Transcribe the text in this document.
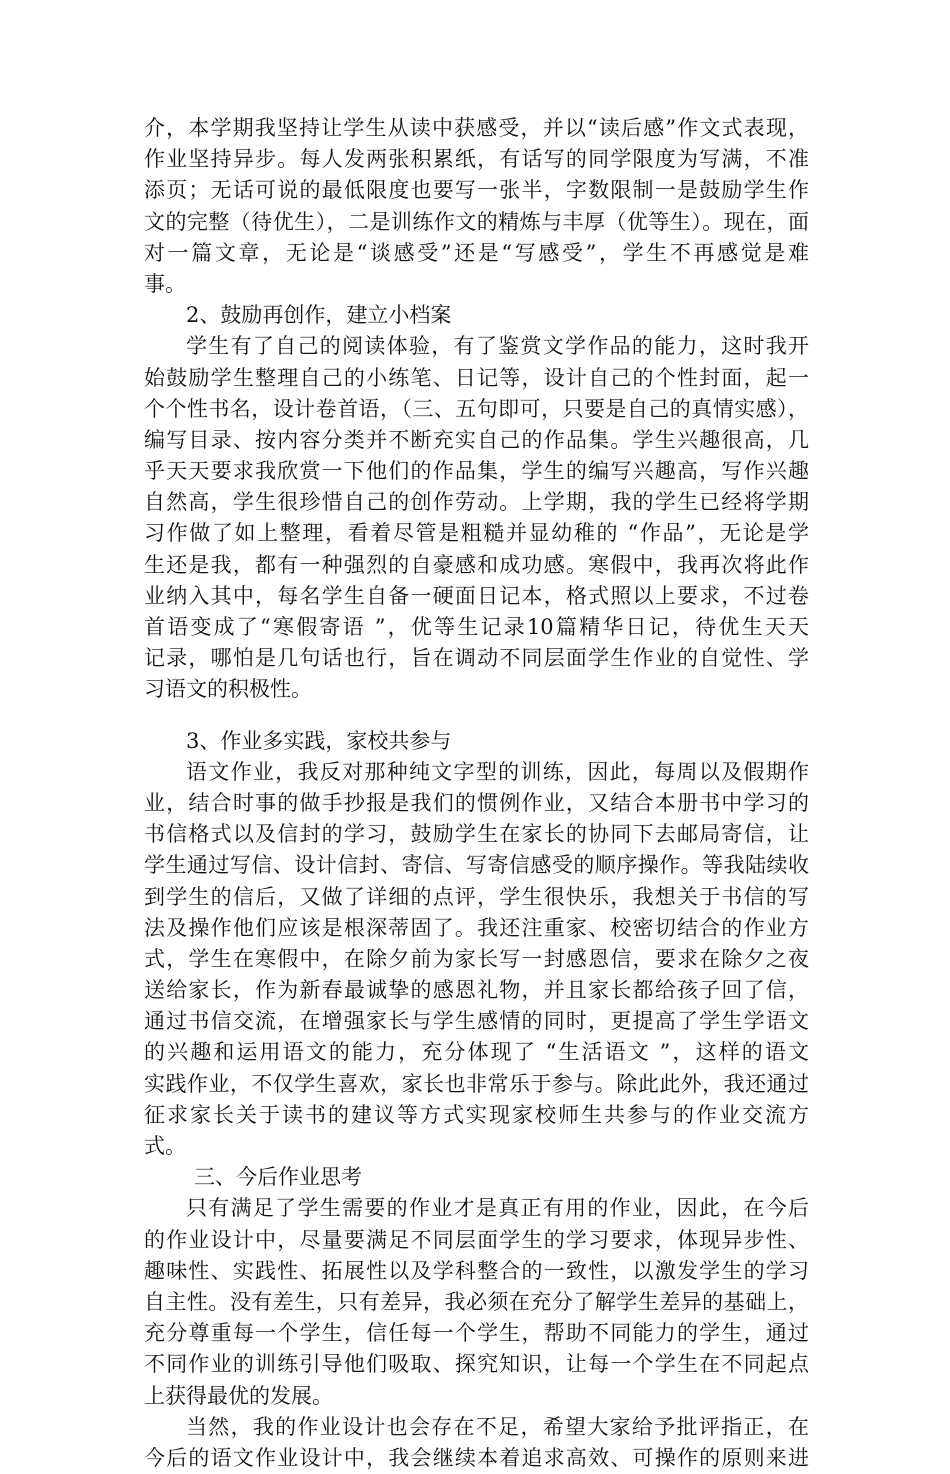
介，本学期我坚持让学生从读中获感受，并以“读后感”作文式表现，
作业坚持异步。每人发两张积累纸，有话写的同学限度为写满，不准
添页；无话可说的最低限度也要写一张半，字数限制一是鼓励学生作
文的完整（待优生），二是训练作文的精炼与丰厚（优等生）。现在，面
对一篇文章，无论是“谈感受”还是“写感受”，学生不再感觉是难
事。
2、鼓励再创作，建立小档案
学生有了自己的阅读体验，有了鉴赏文学作品的能力，这时我开
始鼓励学生整理自己的小练笔、日记等，设计自己的个性封面，起一
个个性书名，设计卷首语，（三、五句即可，只要是自己的真情实感），
编写目录、按内容分类并不断充实自己的作品集。学生兴趣很高，几
乎天天要求我欣赏一下他们的作品集，学生的编写兴趣高，写作兴趣
自然高，学生很珍惜自己的创作劳动。上学期，我的学生已经将学期
习作做了如上整理，看着尽管是粗糙并显幼稚的 “作品”，无论是学
生还是我，都有一种强烈的自豪感和成功感。寒假中，我再次将此作
业纳入其中，每名学生自备一硬面日记本，格式照以上要求，不过卷
首语变成了“寒假寄语 ”，优等生记录10篇精华日记，待优生天天
记录，哪怕是几句话也行，旨在调动不同层面学生作业的自觉性、学
习语文的积极性。
3、作业多实践，家校共参与
语文作业，我反对那种纯文字型的训练，因此，每周以及假期作
业，结合时事的做手抄报是我们的惯例作业，又结合本册书中学习的
书信格式以及信封的学习，鼓励学生在家长的协同下去邮局寄信，让
学生通过写信、设计信封、寄信、写寄信感受的顺序操作。等我陆续收
到学生的信后，又做了详细的点评，学生很快乐，我想关于书信的写
法及操作他们应该是根深蒂固了。我还注重家、校密切结合的作业方
式，学生在寒假中，在除夕前为家长写一封感恩信，要求在除夕之夜
送给家长，作为新春最诚挚的感恩礼物，并且家长都给孩子回了信，
通过书信交流，在增强家长与学生感情的同时，更提高了学生学语文
的兴趣和运用语文的能力，充分体现了 “生活语文 ”，这样的语文
实践作业，不仅学生喜欢，家长也非常乐于参与。除此此外，我还通过
征求家长关于读书的建议等方式实现家校师生共参与的作业交流方
式。
三、今后作业思考
只有满足了学生需要的作业才是真正有用的作业，因此，在今后
的作业设计中，尽量要满足不同层面学生的学习要求，体现异步性、
趣味性、实践性、拓展性以及学科整合的一致性，以激发学生的学习
自主性。没有差生，只有差异，我必须在充分了解学生差异的基础上，
充分尊重每一个学生，信任每一个学生，帮助不同能力的学生，通过
不同作业的训练引导他们吸取、探究知识，让每一个学生在不同起点
上获得最优的发展。
当然，我的作业设计也会存在不足，希望大家给予批评指正，在
今后的语文作业设计中，我会继续本着追求高效、可操作的原则来进
